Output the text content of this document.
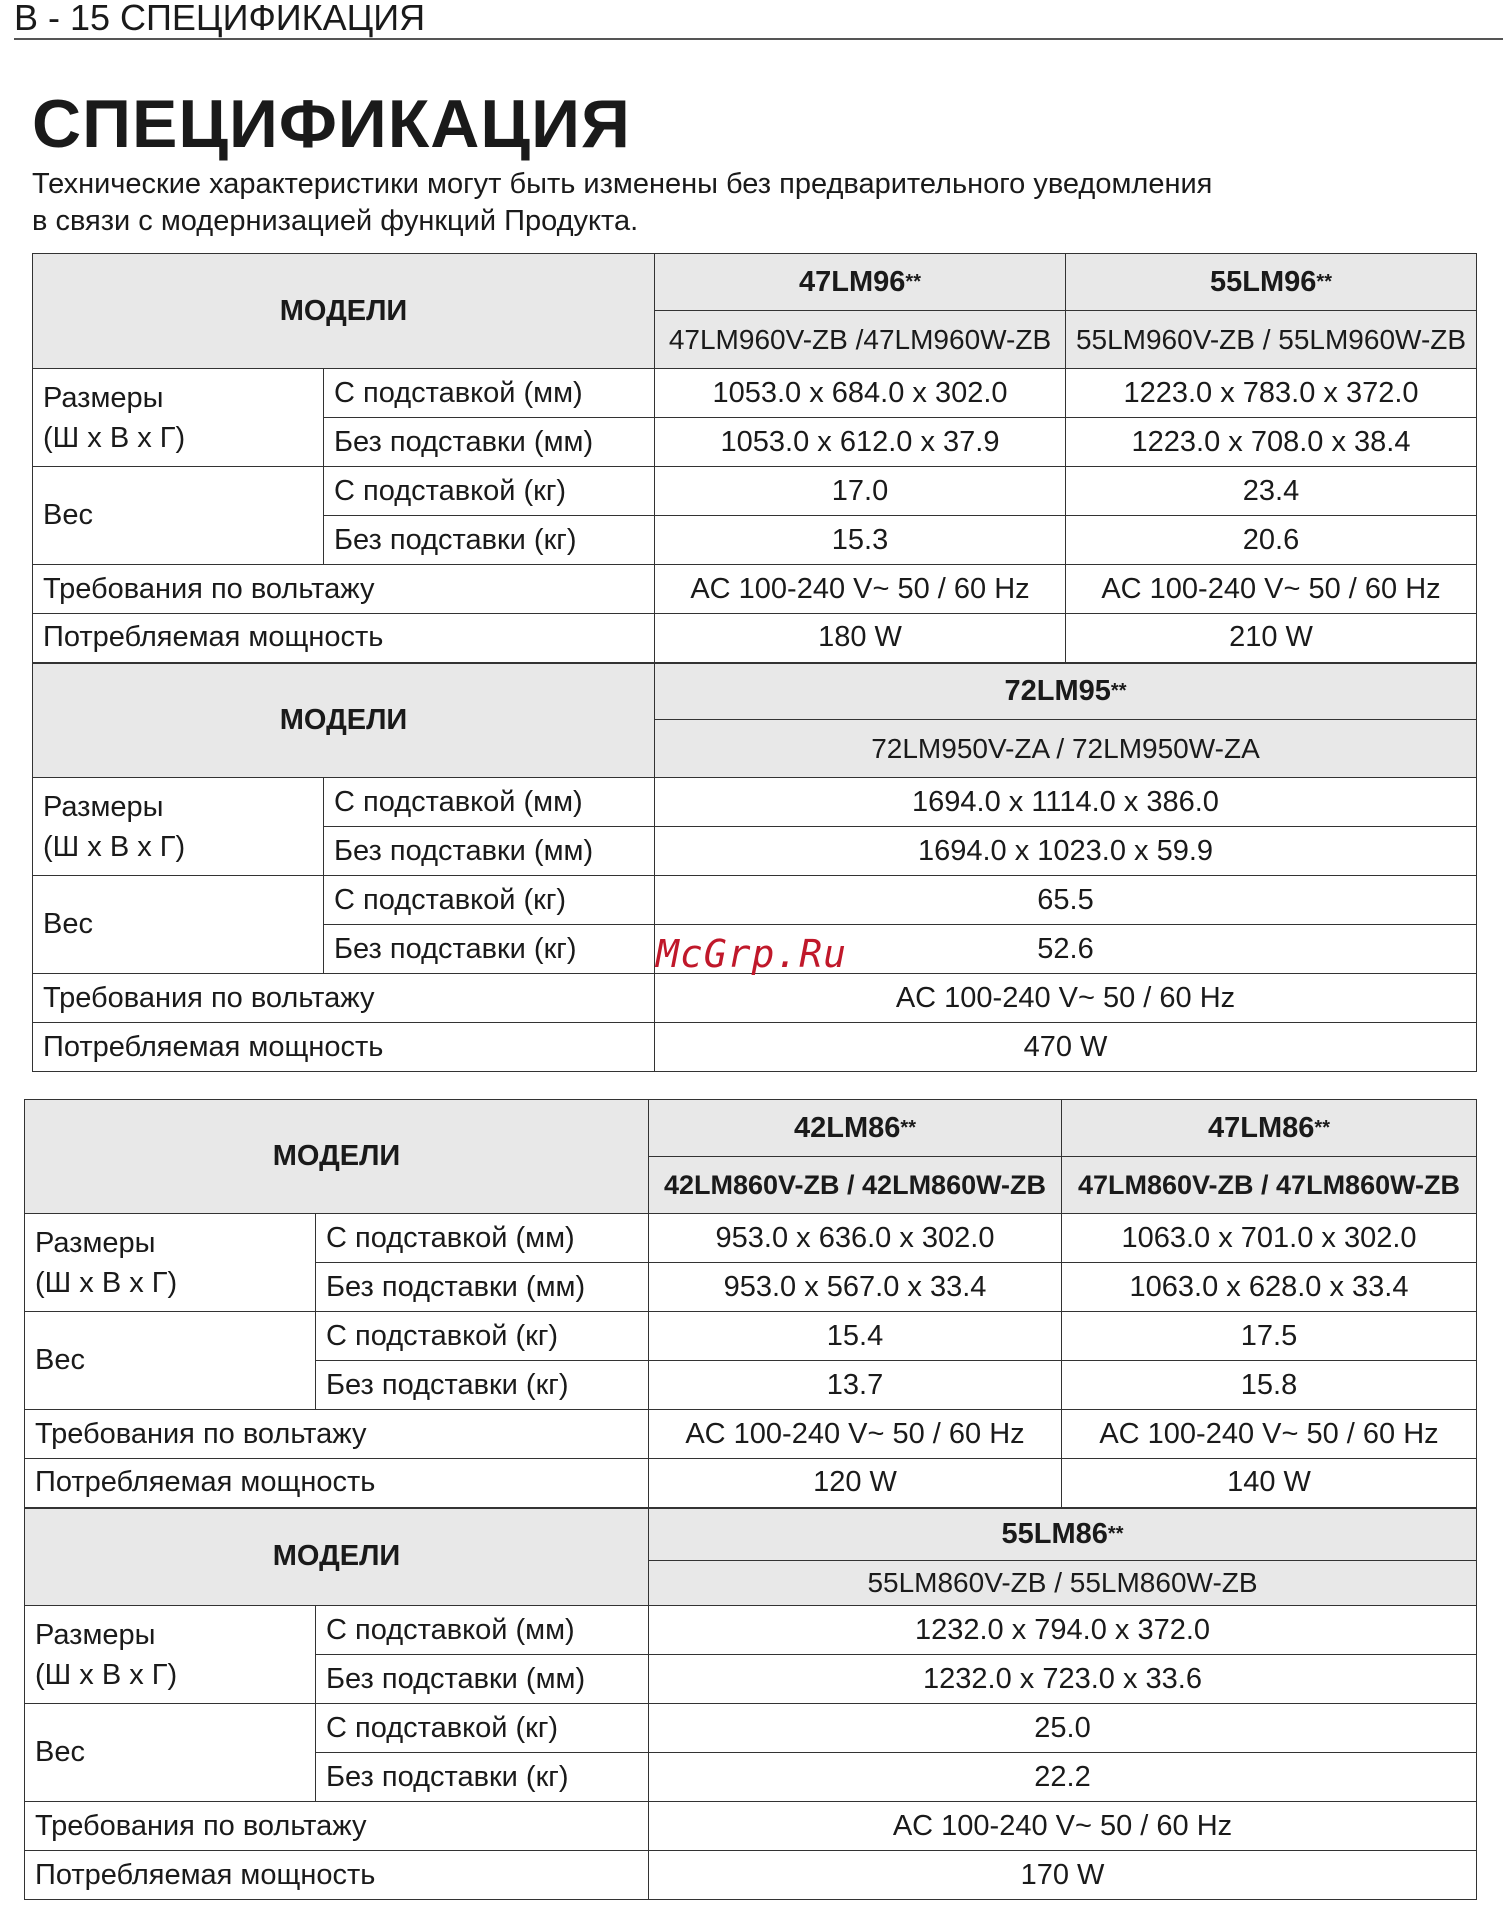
B - 15 СПЕЦИФИКАЦИЯ
СПЕЦИФИКАЦИЯ
Технические характеристики могут быть изменены без предварительного уведомления
в связи с модернизацией функций Продукта.
МОДЕЛИ		47LM96**	55LM96**
		47LM960V-ZB /47LM960W-ZB	55LM960V-ZB / 55LM960W-ZB

Размеры
(Ш x В x Г)	С подставкой (мм)	1053.0 x 684.0 x 302.0	1223.0 x 783.0 x 372.0
	Без подставки (мм)	1053.0 x 612.0 x 37.9	1223.0 x 708.0 x 38.4
Вес	С подставкой (кг)	17.0	23.4
	Без подставки (кг)	15.3	20.6
Требования по вольтажу		AC 100-240 V~ 50 / 60 Hz	AC 100-240 V~ 50 / 60 Hz
Потребляемая мощность		180 W	210 W
МОДЕЛИ		72LM95**	
		72LM950V-ZA / 72LM950W-ZA	

Размеры
(Ш x В x Г)	С подставкой (мм)	1694.0 x 1114.0 x 386.0	
	Без подставки (мм)	1694.0 x 1023.0 x 59.9	
Вес	С подставкой (кг)	65.5	
	Без подставки (кг)	52.6	
Требования по вольтажу		AC 100-240 V~ 50 / 60 Hz	
Потребляемая мощность		470 W	
МОДЕЛИ		42LM86**	47LM86**
		42LM860V-ZB / 42LM860W-ZB	47LM860V-ZB / 47LM860W-ZB

Размеры
(Ш x В x Г)	С подставкой (мм)	953.0 x 636.0 x 302.0	1063.0 x 701.0 x 302.0
	Без подставки (мм)	953.0 x 567.0 x 33.4	1063.0 x 628.0 x 33.4
Вес	С подставкой (кг)	15.4	17.5
	Без подставки (кг)	13.7	15.8
Требования по вольтажу		AC 100-240 V~ 50 / 60 Hz	AC 100-240 V~ 50 / 60 Hz
Потребляемая мощность		120 W	140 W
МОДЕЛИ		55LM86**	
		55LM860V-ZB / 55LM860W-ZB	

Размеры
(Ш x В x Г)	С подставкой (мм)	1232.0 x 794.0 x 372.0	
	Без подставки (мм)	1232.0 x 723.0 x 33.6	
Вес	С подставкой (кг)	25.0	
	Без подставки (кг)	22.2	
Требования по вольтажу		AC 100-240 V~ 50 / 60 Hz	
Потребляемая мощность		170 W	
McGrp.Ru
